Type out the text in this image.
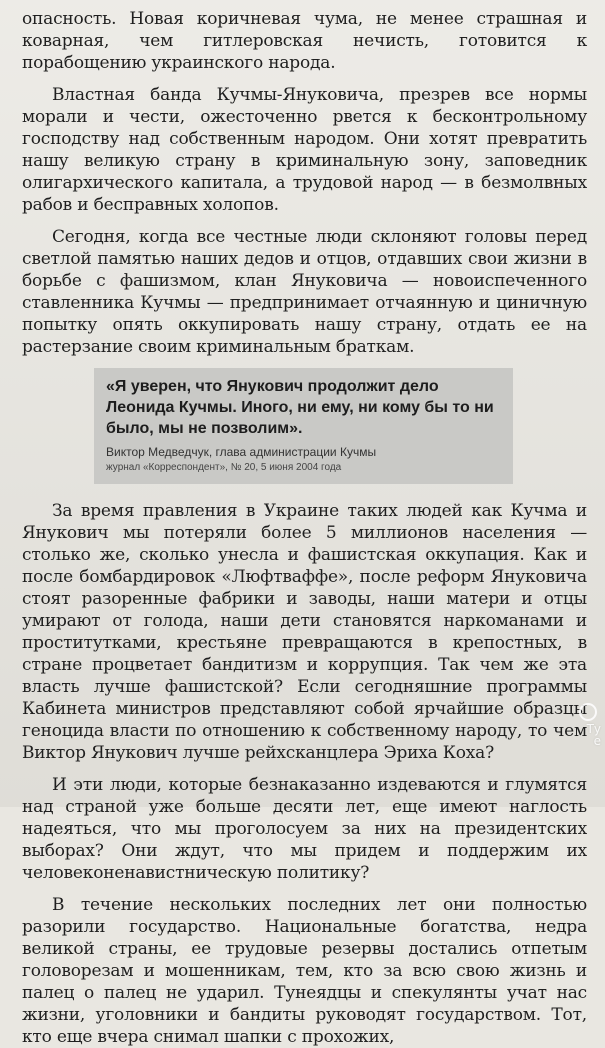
опасность. Новая коричневая чума, не менее страшная и коварная, чем гитлеровская нечисть, готовится к порабощению украинского народа.

Властная банда Кучмы-Януковича, презрев все нормы морали и чести, ожесточенно рвется к бесконтрольному господству над собственным народом. Они хотят превратить нашу великую страну в криминальную зону, заповедник олигархического капитала, а трудовой народ — в безмолвных рабов и бесправных холопов.

Сегодня, когда все честные люди склоняют головы перед светлой памятью наших дедов и отцов, отдавших свои жизни в борьбе с фашизмом, клан Януковича — новоиспеченного ставленника Кучмы — предпринимает отчаянную и циничную попытку опять оккупировать нашу страну, отдать ее на растерзание своим криминальным браткам.

«Я уверен, что Янукович продолжит дело Леонида Кучмы. Иного, ни ему, ни кому бы то ни было, мы не позволим».

Виктор Медведчук, глава администрации Кучмы

журнал «Корреспондент», № 20, 5 июня 2004 года

За время правления в Украине таких людей как Кучма и Янукович мы потеряли более 5 миллионов населения — столько же, сколько унесла и фашистская оккупация. Как и после бомбардировок «Люфтваффе», после реформ Януковича стоят разоренные фабрики и заводы, наши матери и отцы умирают от голода, наши дети становятся наркоманами и проститутками, крестьяне превращаются в крепостных, в стране процветает бандитизм и коррупция. Так чем же эта власть лучше фашистской? Если сегодняшние программы Кабинета министров представляют собой ярчайшие образцы геноцида власти по отношению к собственному народу, то чем Виктор Янукович лучше рейхсканцлера Эриха Коха?

И эти люди, которые безнаказанно издеваются и глумятся над страной уже больше десяти лет, еще имеют наглость надеяться, что мы проголосуем за них на президентских выборах? Они ждут, что мы придем и поддержим их человеконенавистническую политику?

В течение нескольких последних лет они полностью разорили государство. Национальные богатства, недра великой страны, ее трудовые резервы достались отпетым головорезам и мошенникам, тем, кто за всю свою жизнь и палец о палец не ударил. Тунеядцы и спекулянты учат нас жизни, уголовники и бандиты руководят государством. Тот, кто еще вчера снимал шапки с прохожих,

Ту
е
